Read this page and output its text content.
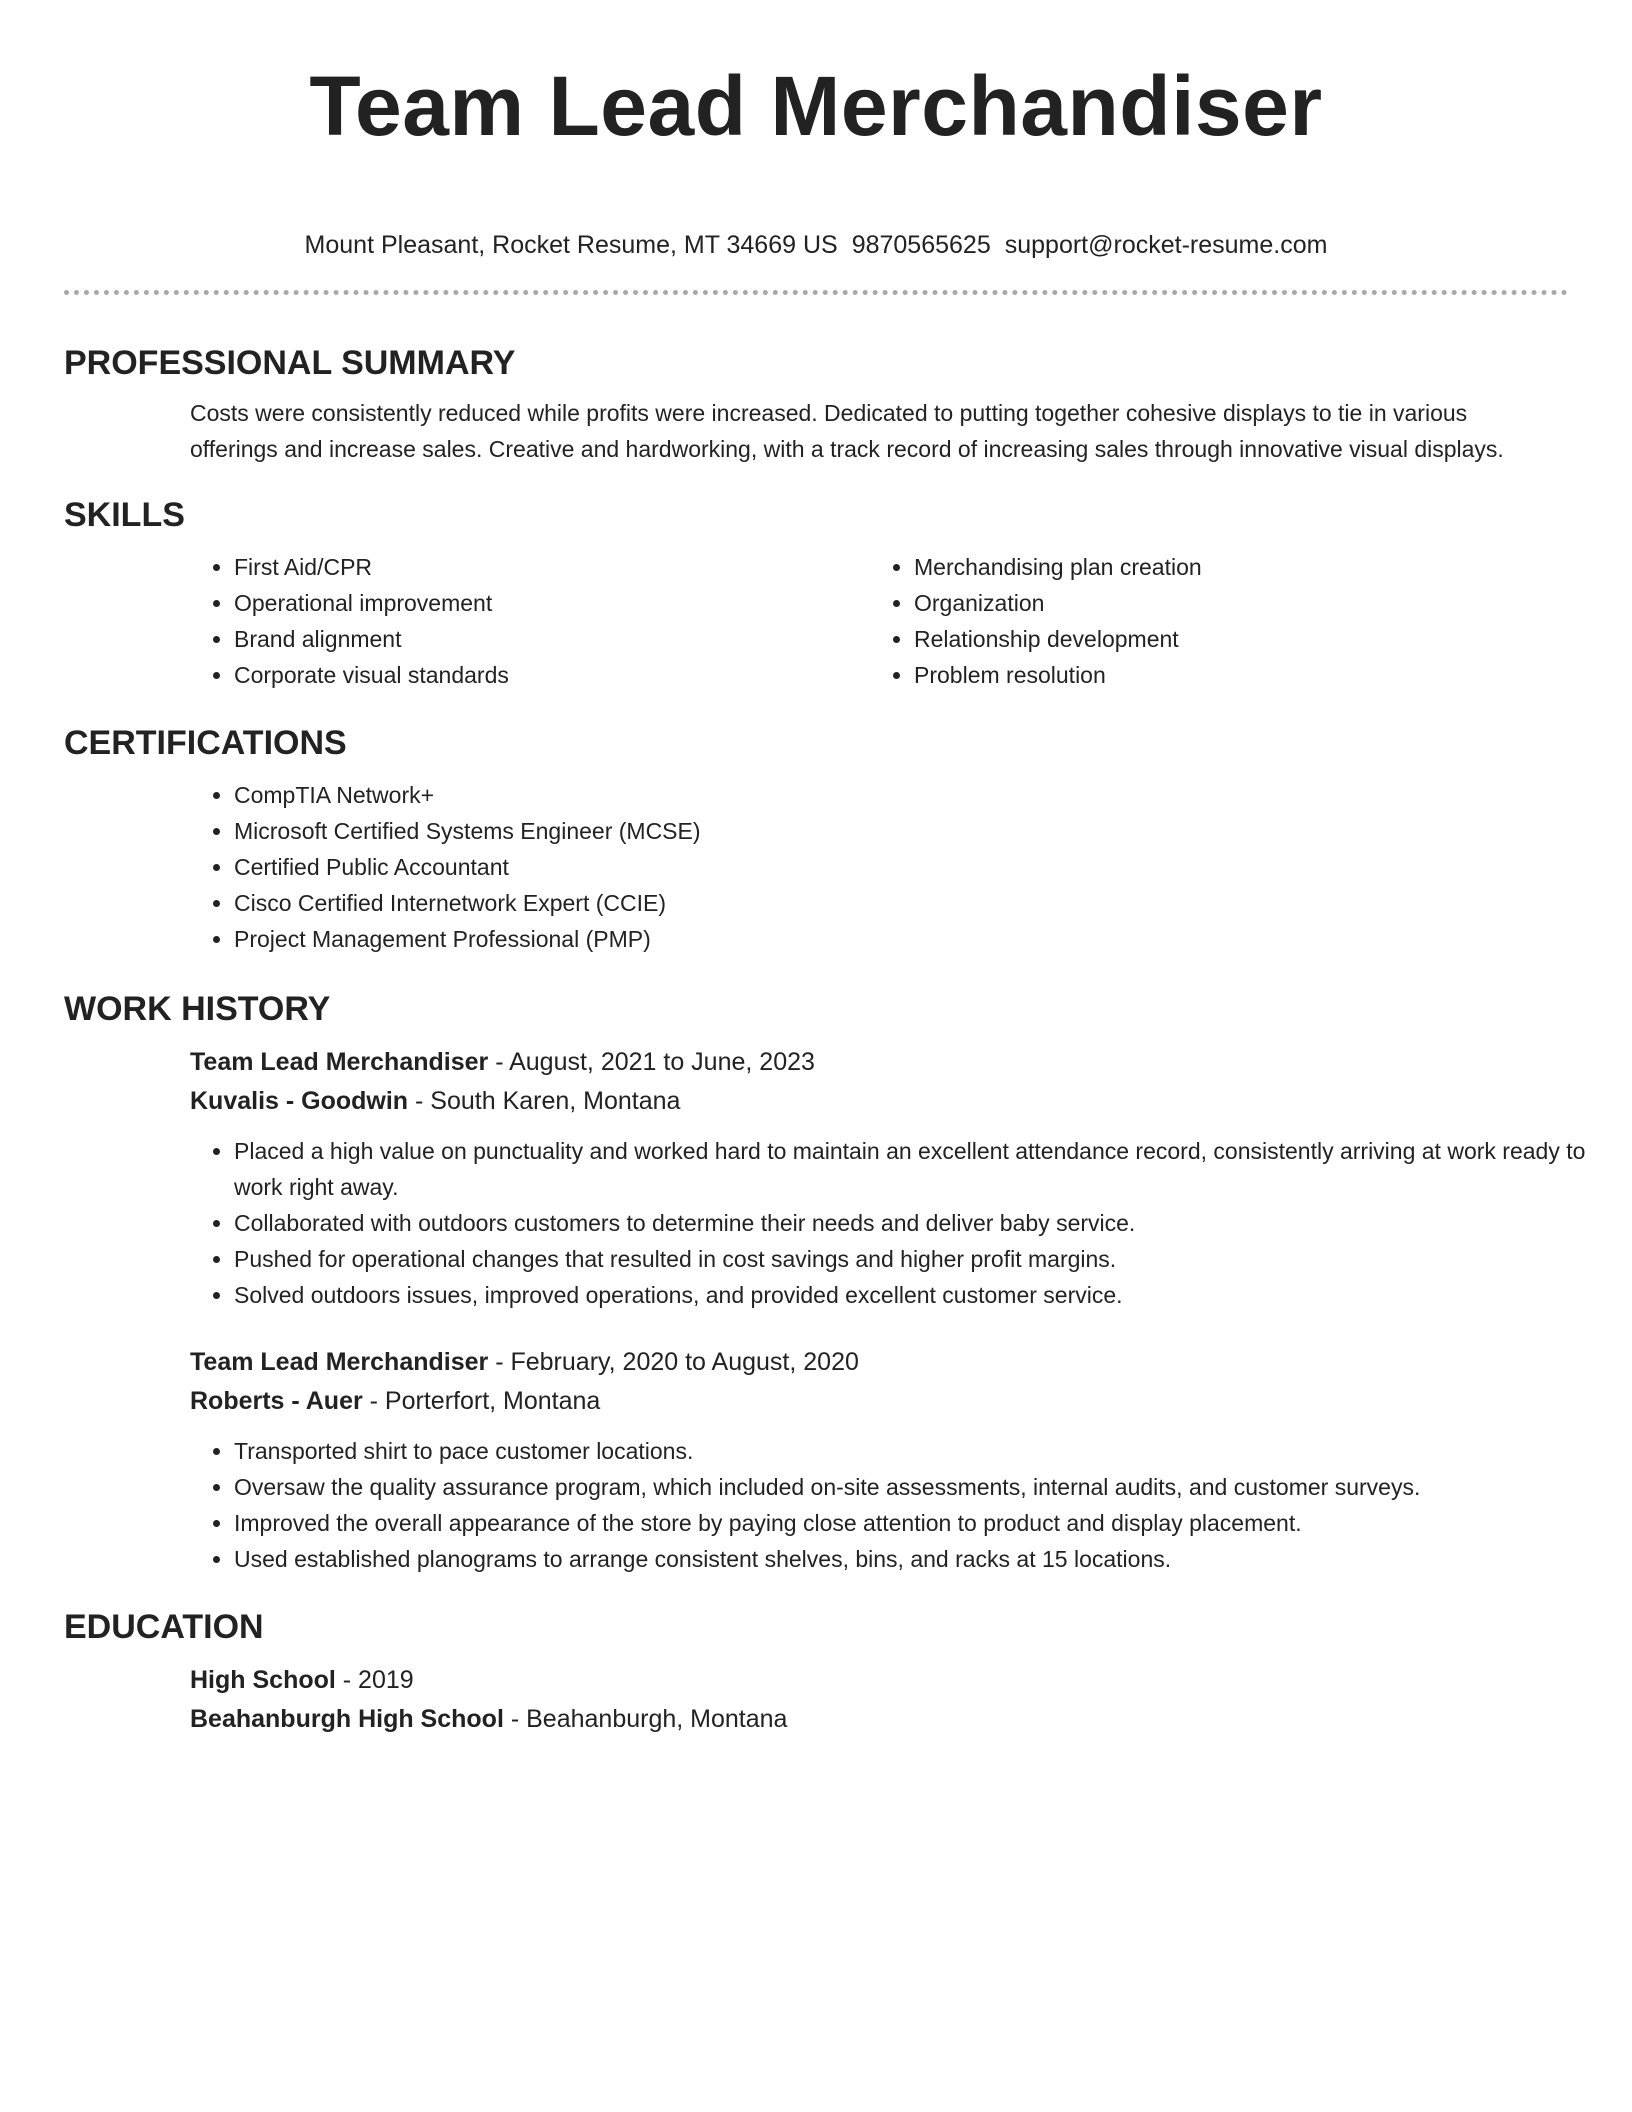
Team Lead Merchandiser
Mount Pleasant, Rocket Resume, MT 34669 US 9870565625 support@rocket-resume.com
PROFESSIONAL SUMMARY

Costs were consistently reduced while profits were increased. Dedicated to putting together cohesive displays to tie in various offerings and increase sales. Creative and hardworking, with a track record of increasing sales through innovative visual displays.

SKILLS
• First Aid/CPR
• Operational improvement
• Brand alignment
• Corporate visual standards
• Merchandising plan creation
• Organization
• Relationship development
• Problem resolution
CERTIFICATIONS
• CompTIA Network+
• Microsoft Certified Systems Engineer (MCSE)
• Certified Public Accountant
• Cisco Certified Internetwork Expert (CCIE)
• Project Management Professional (PMP)
WORK HISTORY

Team Lead Merchandiser - August, 2021 to June, 2023

Kuvalis - Goodwin - South Karen, Montana

• Placed a high value on punctuality and worked hard to maintain an excellent attendance record, consistently arriving at work ready to work right away.
• Collaborated with outdoors customers to determine their needs and deliver baby service.
• Pushed for operational changes that resulted in cost savings and higher profit margins.
• Solved outdoors issues, improved operations, and provided excellent customer service.

Team Lead Merchandiser - February, 2020 to August, 2020

Roberts - Auer - Porterfort, Montana

• Transported shirt to pace customer locations.
• Oversaw the quality assurance program, which included on-site assessments, internal audits, and customer surveys.
• Improved the overall appearance of the store by paying close attention to product and display placement.
• Used established planograms to arrange consistent shelves, bins, and racks at 15 locations.
EDUCATION

High School - 2019

Beahanburgh High School - Beahanburgh, Montana
